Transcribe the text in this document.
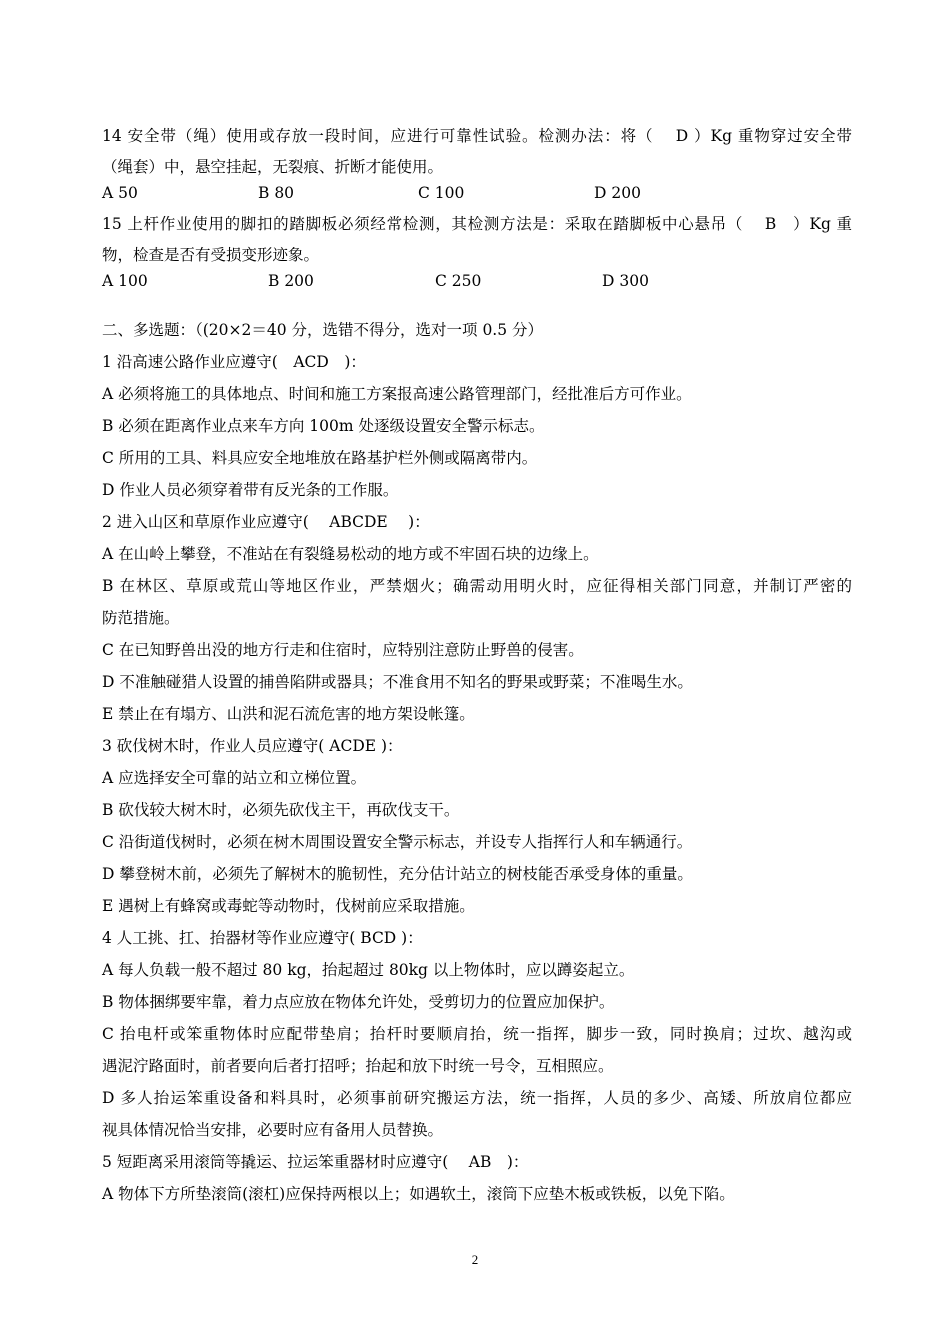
14 安全带（绳）使用或存放一段时间，应进行可靠性试验。检测办法：将（　 D ）Kg 重物穿过安全带
（绳套）中，悬空挂起，无裂痕、折断才能使用。
A 50	B 80	C 100	D 200
15 上杆作业使用的脚扣的踏脚板必须经常检测，其检测方法是：采取在踏脚板中心悬吊（　 B　）Kg 重
物，检查是否有受损变形迹象。
A 100	B 200	C 250	D 300
二、多选题：（(20×2＝40 分，选错不得分，选对一项 0.5 分）
1 沿高速公路作业应遵守(　ACD　)：
A 必须将施工的具体地点、时间和施工方案报高速公路管理部门，经批准后方可作业。
B 必须在距离作业点来车方向 100m 处逐级设置安全警示标志。
C 所用的工具、料具应安全地堆放在路基护栏外侧或隔离带内。
D 作业人员必须穿着带有反光条的工作服。
2 进入山区和草原作业应遵守(　 ABCDE　 )：
A 在山岭上攀登，不准站在有裂缝易松动的地方或不牢固石块的边缘上。
B 在林区、草原或荒山等地区作业，严禁烟火；确需动用明火时，应征得相关部门同意，并制订严密的
防范措施。
C 在已知野兽出没的地方行走和住宿时，应特别注意防止野兽的侵害。
D 不准触碰猎人设置的捕兽陷阱或器具；不准食用不知名的野果或野菜；不准喝生水。
E 禁止在有塌方、山洪和泥石流危害的地方架设帐篷。
3 砍伐树木时，作业人员应遵守( ACDE )：
A 应选择安全可靠的站立和立梯位置。
B 砍伐较大树木时，必须先砍伐主干，再砍伐支干。
C 沿街道伐树时，必须在树木周围设置安全警示标志，并设专人指挥行人和车辆通行。
D 攀登树木前，必须先了解树木的脆韧性，充分估计站立的树枝能否承受身体的重量。
E 遇树上有蜂窝或毒蛇等动物时，伐树前应采取措施。
4 人工挑、扛、抬器材等作业应遵守( BCD )：
A 每人负载一般不超过 80 kg，抬起超过 80kg 以上物体时，应以蹲姿起立。
B 物体捆绑要牢靠，着力点应放在物体允许处，受剪切力的位置应加保护。
C 抬电杆或笨重物体时应配带垫肩；抬杆时要顺肩抬，统一指挥，脚步一致，同时换肩；过坎、越沟或
遇泥泞路面时，前者要向后者打招呼；抬起和放下时统一号令，互相照应。
D 多人抬运笨重设备和料具时，必须事前研究搬运方法，统一指挥，人员的多少、高矮、所放肩位都应
视具体情况恰当安排，必要时应有备用人员替换。
5 短距离采用滚筒等撬运、拉运笨重器材时应遵守(　 AB　)：
A 物体下方所垫滚筒(滚杠)应保持两根以上；如遇软土，滚筒下应垫木板或铁板，以免下陷。
2
